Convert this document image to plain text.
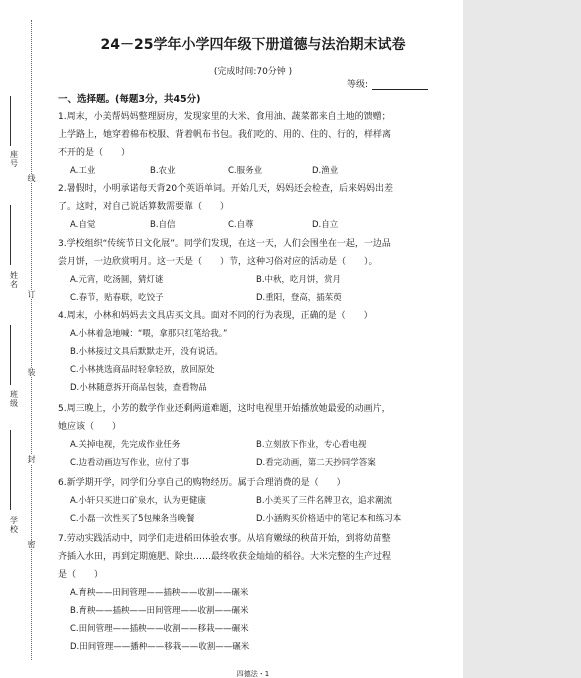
座号
线
姓名
订
装
班级
封
学校
密
24－25学年小学四年级下册道德与法治期末试卷
(完成时间:70分钟 )
等级:
一、选择题。(每题3分，共45分)
1.周末，小美帮妈妈整理厨房，发现家里的大米、食用油、蔬菜都来自土地的馈赠；
上学路上，她穿着棉布校服、背着帆布书包。我们吃的、用的、住的、行的，样样离
不开的是（　　）
A.工业	B.农业	C.服务业	D.渔业
2.暑假时，小明承诺每天背20个英语单词。开始几天，妈妈还会检查，后来妈妈出差
了。这时，对自己说话算数需要靠（　　）
A.自觉	B.自信	C.自尊	D.自立
3.学校组织“传统节日文化展”。同学们发现，在这一天，人们会围坐在一起，一边品
尝月饼，一边欣赏明月。这一天是（　　）节，这种习俗对应的活动是（　　）。
A.元宵，吃汤圆，猜灯谜	B.中秋，吃月饼，赏月
C.春节，贴春联，吃饺子	D.重阳，登高，插茱萸
4.周末，小林和妈妈去文具店买文具。面对不同的行为表现，正确的是（　　）
A.小林着急地喊：“喂，拿那只红笔给我。”
B.小林接过文具后默默走开，没有说话。
C.小林挑选商品时轻拿轻放，放回原处
D.小林随意拆开商品包装，查看物品
5.周三晚上，小芳的数学作业还剩两道难题，这时电视里开始播放她最爱的动画片，
她应该（　　）
A.关掉电视，先完成作业任务	B.立刻放下作业，专心看电视
C.边看动画边写作业，应付了事	D.看完动画，第二天抄同学答案
6.新学期开学，同学们分享自己的购物经历。属于合理消费的是（　　）
A.小轩只买进口矿泉水，认为更健康	B.小美买了三件名牌卫衣，追求潮流
C.小磊一次性买了5包辣条当晚餐	D.小涵购买价格适中的笔记本和练习本
7.劳动实践活动中，同学们走进稻田体验农事。从培育嫩绿的秧苗开始，到将幼苗整
齐插入水田，再到定期施肥、除虫……最终收获金灿灿的稻谷。大米完整的生产过程
是（　　）
A.育秧——田间管理——插秧——收割——碾米
B.育秧——插秧——田间管理——收割——碾米
C.田间管理——插秧——收割——移栽——碾米
D.田间管理——播种——移栽——收割——碾米
四德法・1
